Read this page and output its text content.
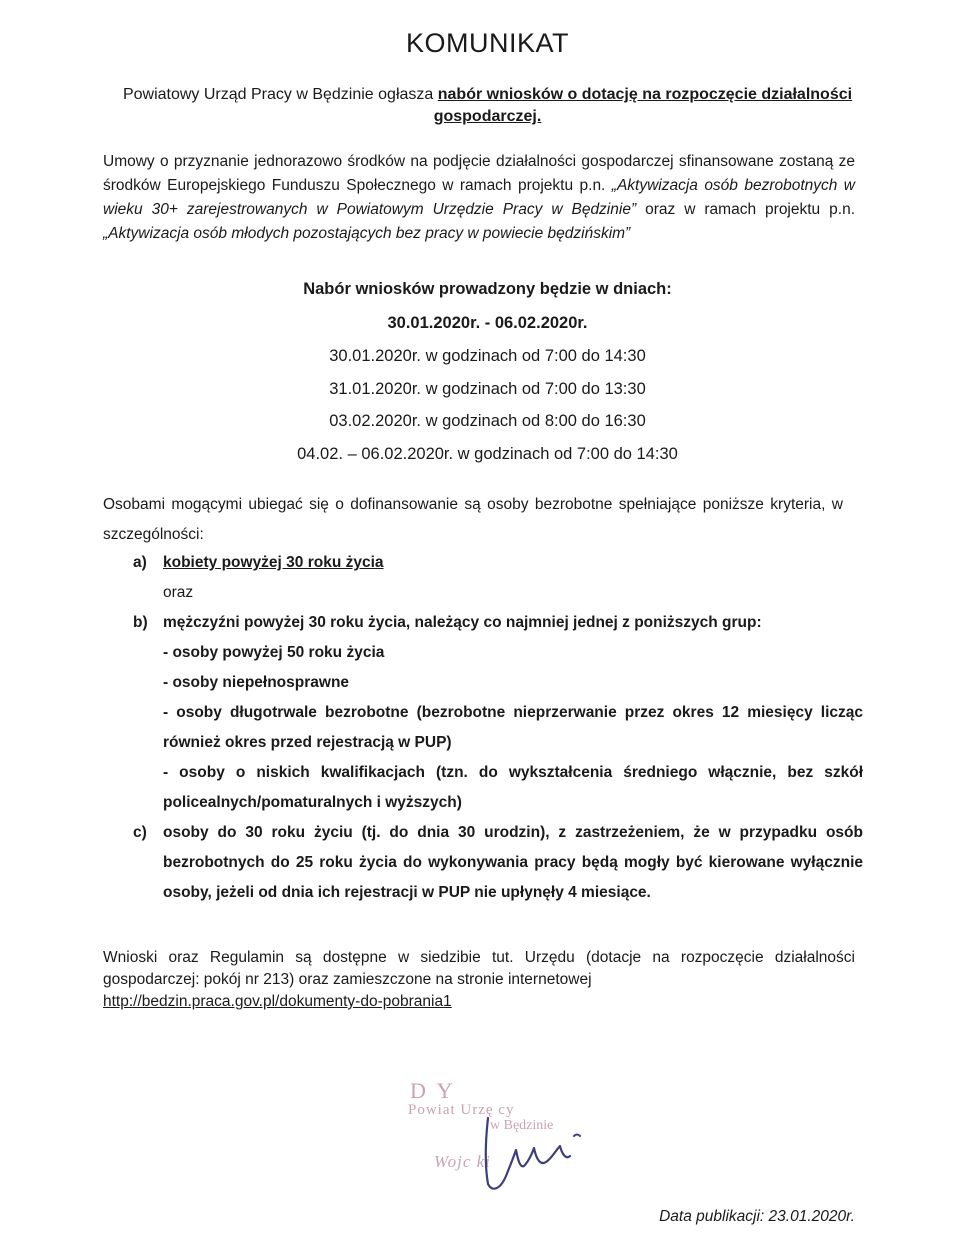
KOMUNIKAT
Powiatowy Urząd Pracy w Będzinie ogłasza nabór wniosków o dotację na rozpoczęcie działalności gospodarczej.
Umowy o przyznanie jednorazowo środków na podjęcie działalności gospodarczej sfinansowane zostaną ze środków Europejskiego Funduszu Społecznego w ramach projektu p.n. „Aktywizacja osób bezrobotnych w wieku 30+ zarejestrowanych w Powiatowym Urzędzie Pracy w Będzinie” oraz w ramach projektu p.n. „Aktywizacja osób młodych pozostających bez pracy w powiecie będzińskim”
Nabór wniosków prowadzony będzie w dniach:
30.01.2020r. - 06.02.2020r.
30.01.2020r. w godzinach od 7:00 do 14:30
31.01.2020r. w godzinach od 7:00 do 13:30
03.02.2020r. w godzinach od 8:00 do 16:30
04.02. – 06.02.2020r. w godzinach od 7:00 do 14:30
Osobami mogącymi ubiegać się o dofinansowanie są osoby bezrobotne spełniające poniższe kryteria, w szczególności:
a)	kobiety powyżej 30 roku życia
oraz
b) mężczyźni powyżej 30 roku życia, należący co najmniej jednej z poniższych grup:
- osoby powyżej 50 roku życia
- osoby niepełnosprawne
- osoby długotrwale bezrobotne (bezrobotne nieprzerwanie przez okres 12 miesięcy licząc również okres przed rejestracją w PUP)
- osoby o niskich kwalifikacjach (tzn. do wykształcenia średniego włącznie, bez szkół policealnych/pomaturalnych i wyższych)
c)	osoby do 30 roku życiu (tj. do dnia 30 urodzin), z zastrzeżeniem, że w przypadku osób bezrobotnych do 25 roku życia do wykonywania pracy będą mogły być kierowane wyłącznie osoby, jeżeli od dnia ich rejestracji w PUP nie upłynęły 4 miesiące.
Wnioski oraz Regulamin są dostępne w siedzibie tut. Urzędu (dotacje na rozpoczęcie działalności gospodarczej: pokój nr 213) oraz zamieszczone na stronie internetowej
http://bedzin.praca.gov.pl/dokumenty-do-pobrania1
D Y
Powiat Urzę cy
w Będzinie
Wojc ki
Data publikacji: 23.01.2020r.
